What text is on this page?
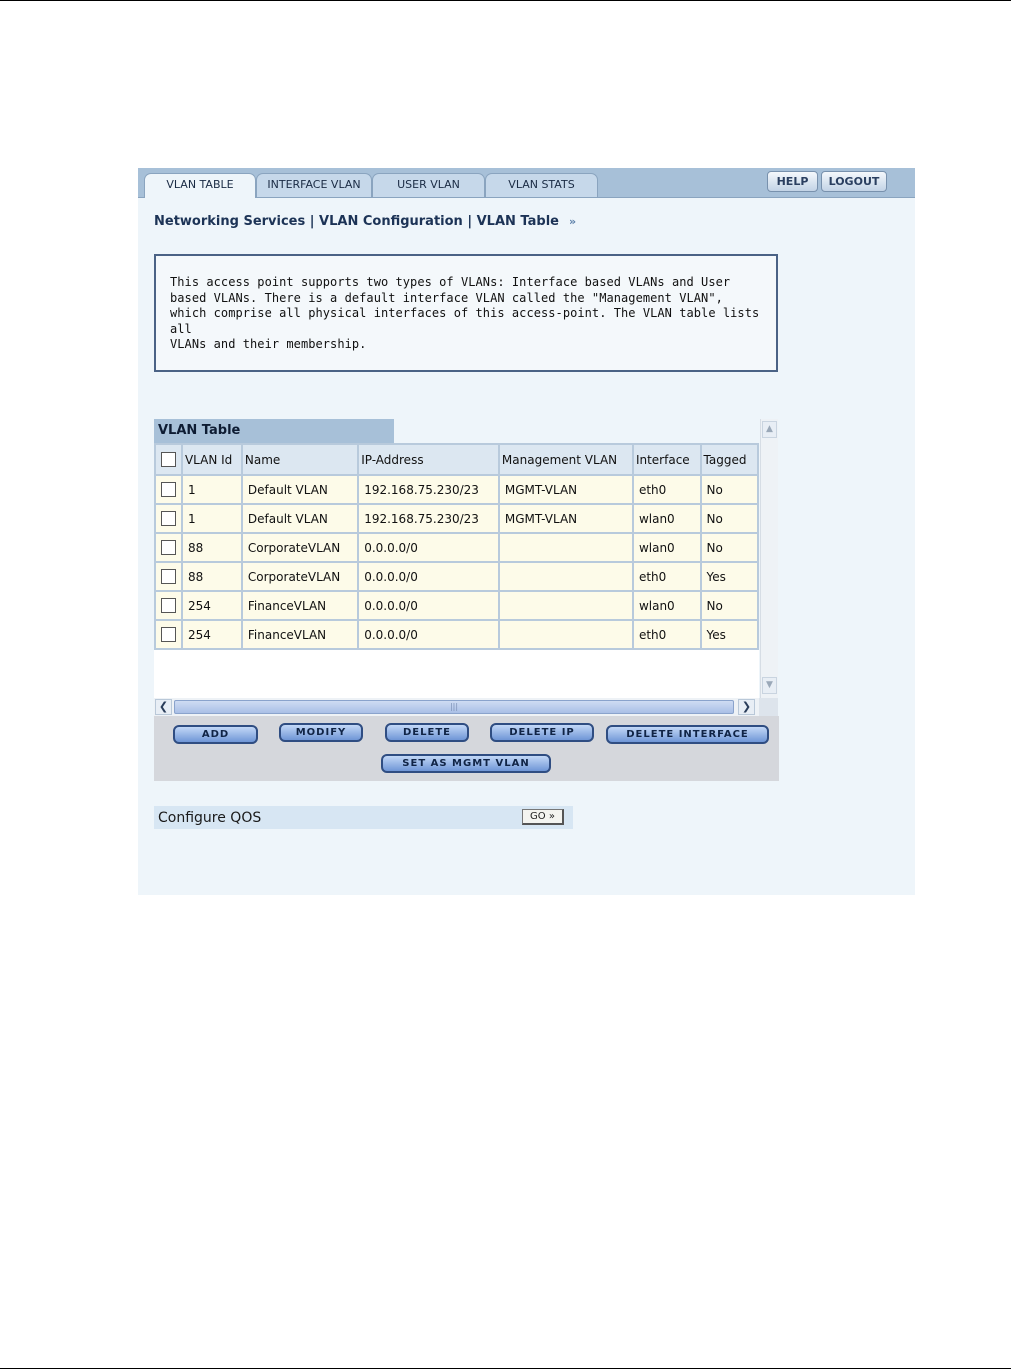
VLAN TABLE	INTERFACE VLAN	USER VLAN	VLAN STATS	HELP	LOGOUT
Networking Services | VLAN Configuration | VLAN Table »
This access point supports two types of VLANs: Interface based VLANs and User
based VLANs. There is a default interface VLAN called the "Management VLAN",
which comprise all physical interfaces of this access-point. The VLAN table lists all
VLANs and their membership.
VLAN Table
	VLAN Id	Name	IP-Address	Management VLAN	Interface	Tagged
	1	Default VLAN	192.168.75.230/23	MGMT-VLAN	eth0	No
	1	Default VLAN	192.168.75.230/23	MGMT-VLAN	wlan0	No
	88	CorporateVLAN	0.0.0.0/0		wlan0	No
	88	CorporateVLAN	0.0.0.0/0		eth0	Yes
	254	FinanceVLAN	0.0.0.0/0		wlan0	No
	254	FinanceVLAN	0.0.0.0/0		eth0	Yes
▲
▼
❮	|||	❯
ADD	MODIFY	DELETE	DELETE IP	DELETE INTERFACE
SET AS MGMT VLAN
Configure QOS	GO »
